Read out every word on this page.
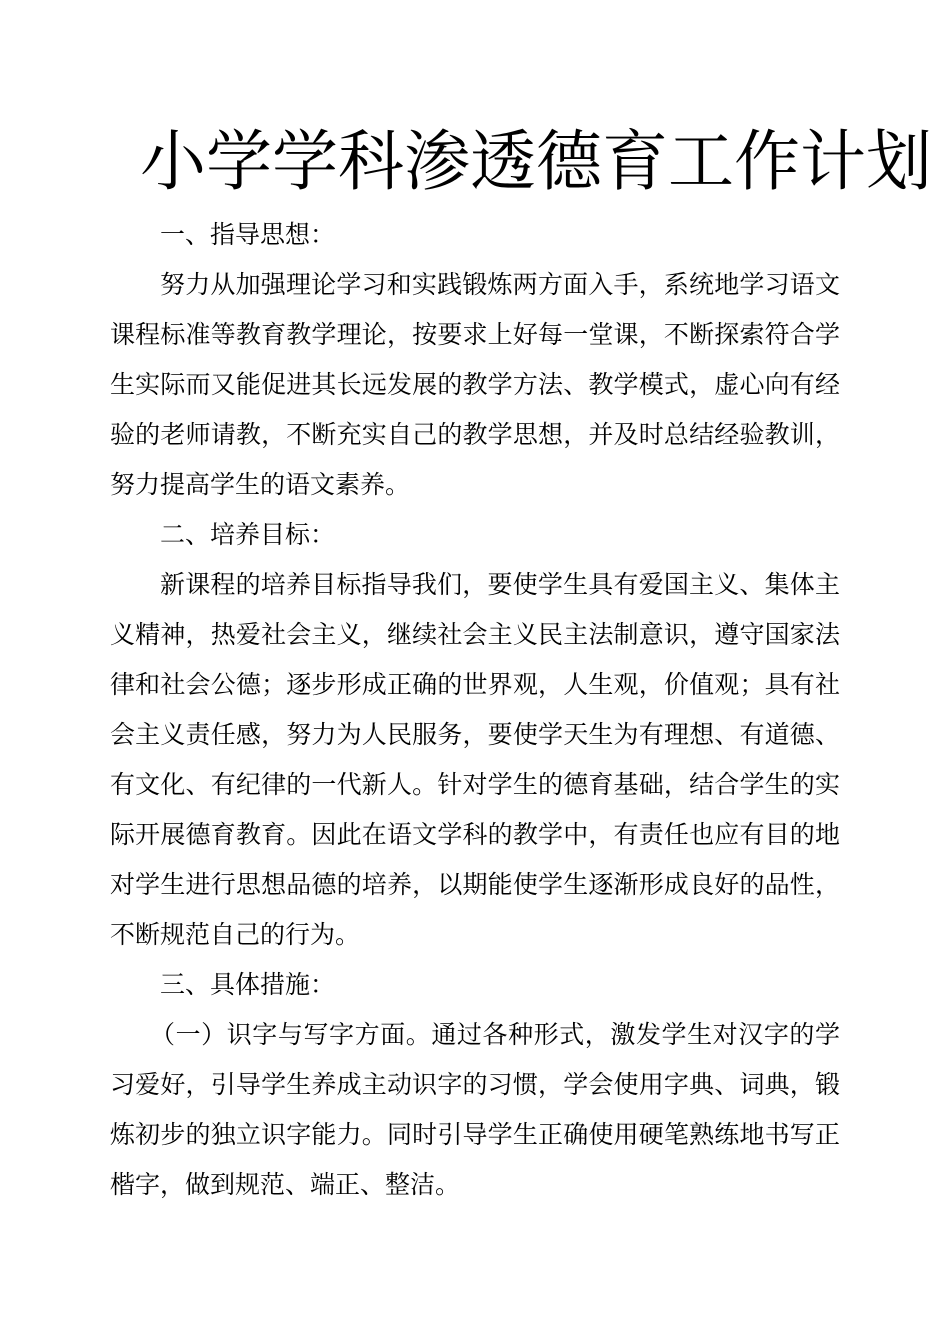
小学学科渗透德育工作计划

一、指导思想：

努力从加强理论学习和实践锻炼两方面入手，系统地学习语文课程标准等教育教学理论，按要求上好每一堂课，不断探索符合学生实际而又能促进其长远发展的教学方法、教学模式，虚心向有经验的老师请教，不断充实自己的教学思想，并及时总结经验教训，努力提高学生的语文素养。

二、培养目标：

新课程的培养目标指导我们，要使学生具有爱国主义、集体主义精神，热爱社会主义，继续社会主义民主法制意识，遵守国家法律和社会公德；逐步形成正确的世界观，人生观，价值观；具有社会主义责任感，努力为人民服务，要使学天生为有理想、有道德、有文化、有纪律的一代新人。针对学生的德育基础，结合学生的实际开展德育教育。因此在语文学科的教学中，有责任也应有目的地对学生进行思想品德的培养，以期能使学生逐渐形成良好的品性，不断规范自己的行为。

三、具体措施：

（一）识字与写字方面。通过各种形式，激发学生对汉字的学习爱好，引导学生养成主动识字的习惯，学会使用字典、词典，锻炼初步的独立识字能力。同时引导学生正确使用硬笔熟练地书写正楷字，做到规范、端正、整洁。
